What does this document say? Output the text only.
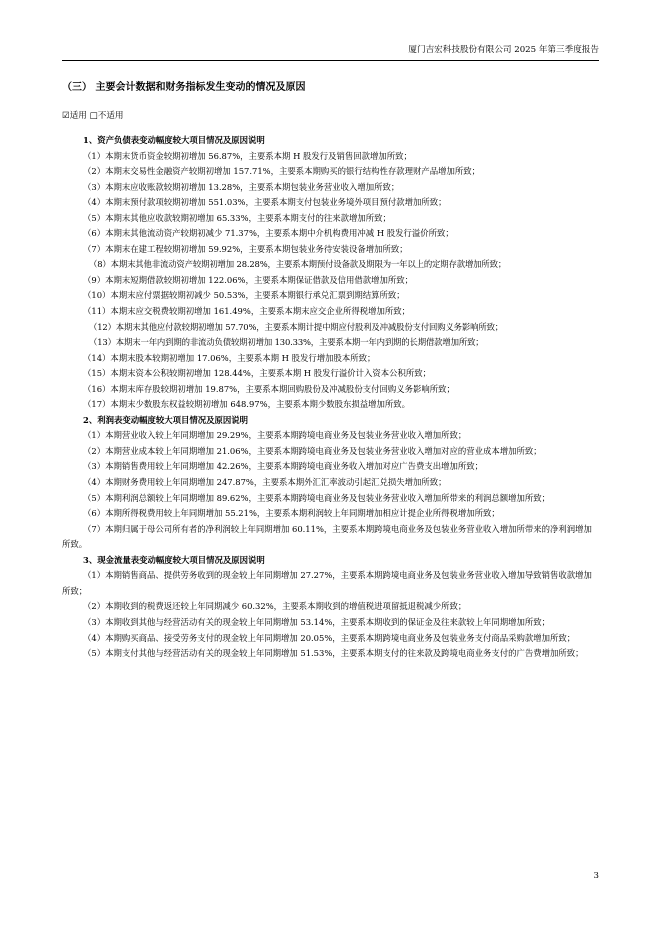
厦门吉宏科技股份有限公司 2025 年第三季度报告
（三） 主要会计数据和财务指标发生变动的情况及原因
☑适用 □不适用
1、资产负债表变动幅度较大项目情况及原因说明
（1）本期末货币资金较期初增加 56.87%，主要系本期 H 股发行及销售回款增加所致；
（2）本期末交易性金融资产较期初增加 157.71%，主要系本期购买的银行结构性存款理财产品增加所致；
（3）本期末应收账款较期初增加 13.28%，主要系本期包装业务营业收入增加所致；
（4）本期末预付款项较期初增加 551.03%，主要系本期支付包装业务境外项目预付款增加所致；
（5）本期末其他应收款较期初增加 65.33%，主要系本期支付的往来款增加所致；
（6）本期末其他流动资产较期初减少 71.37%，主要系本期中介机构费用冲减 H 股发行溢价所致；
（7）本期末在建工程较期初增加 59.92%，主要系本期包装业务待安装设备增加所致；
（8）本期末其他非流动资产较期初增加 28.28%，主要系本期预付设备款及期限为一年以上的定期存款增加所致；
（9）本期末短期借款较期初增加 122.06%，主要系本期保证借款及信用借款增加所致；
（10）本期末应付票据较期初减少 50.53%，主要系本期银行承兑汇票到期结算所致；
（11）本期末应交税费较期初增加 161.49%，主要系本期末应交企业所得税增加所致；
（12）本期末其他应付款较期初增加 57.70%，主要系本期计提中期应付股利及冲减股份支付回购义务影响所致；
（13）本期末一年内到期的非流动负债较期初增加 130.33%，主要系本期一年内到期的长期借款增加所致；
（14）本期末股本较期初增加 17.06%，主要系本期 H 股发行增加股本所致；
（15）本期末资本公积较期初增加 128.44%，主要系本期 H 股发行溢价计入资本公积所致；
（16）本期末库存股较期初增加 19.87%，主要系本期回购股份及冲减股份支付回购义务影响所致；
（17）本期末少数股东权益较期初增加 648.97%，主要系本期少数股东损益增加所致。
2、利润表变动幅度较大项目情况及原因说明
（1）本期营业收入较上年同期增加 29.29%，主要系本期跨境电商业务及包装业务营业收入增加所致；
（2）本期营业成本较上年同期增加 21.06%，主要系本期跨境电商业务及包装业务营业收入增加对应的营业成本增加所致；
（3）本期销售费用较上年同期增加 42.26%，主要系本期跨境电商业务收入增加对应广告费支出增加所致；
（4）本期财务费用较上年同期增加 247.87%，主要系本期外汇汇率波动引起汇兑损失增加所致；
（5）本期利润总额较上年同期增加 89.62%，主要系本期跨境电商业务及包装业务营业收入增加所带来的利润总额增加所致；
（6）本期所得税费用较上年同期增加 55.21%，主要系本期利润较上年同期增加相应计提企业所得税增加所致；
（7）本期归属于母公司所有者的净利润较上年同期增加 60.11%，主要系本期跨境电商业务及包装业务营业收入增加所带来的净利润增加所致。
3、现金流量表变动幅度较大项目情况及原因说明
（1）本期销售商品、提供劳务收到的现金较上年同期增加 27.27%，主要系本期跨境电商业务及包装业务营业收入增加导致销售收款增加所致；
（2）本期收到的税费返还较上年同期减少 60.32%，主要系本期收到的增值税进项留抵退税减少所致；
（3）本期收到其他与经营活动有关的现金较上年同期增加 53.14%，主要系本期收到的保证金及往来款较上年同期增加所致；
（4）本期购买商品、接受劳务支付的现金较上年同期增加 20.05%，主要系本期跨境电商业务及包装业务支付商品采购款增加所致；
（5）本期支付其他与经营活动有关的现金较上年同期增加 51.53%，主要系本期支付的往来款及跨境电商业务支付的广告费增加所致；
3
